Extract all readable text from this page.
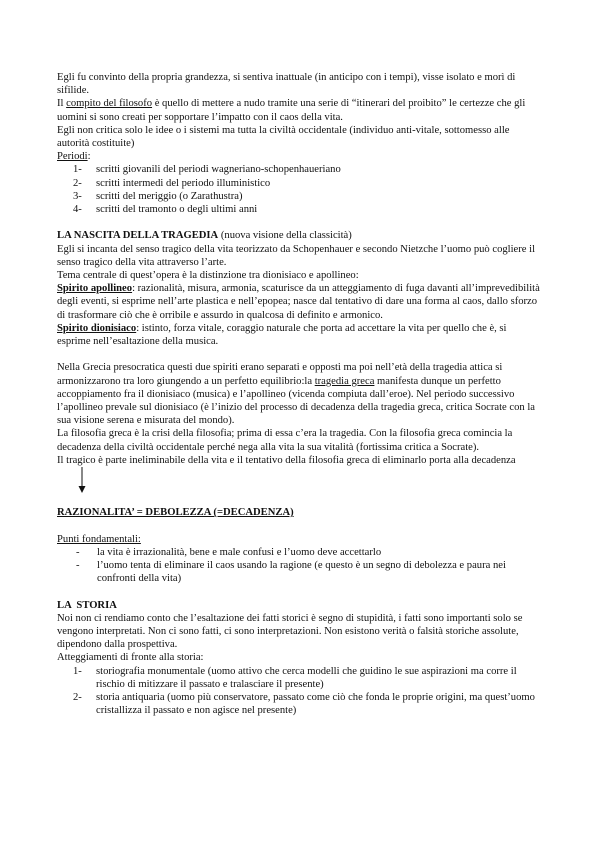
Egli fu convinto della propria grandezza, si sentiva inattuale (in anticipo con i tempi), visse isolato e morì di sifilide.

Il compito del filosofo è quello di mettere a nudo tramite una serie di “itinerari del proibito” le certezze che gli uomini si sono creati per sopportare l’impatto con il caos della vita.

Egli non critica solo le idee o i sistemi ma tutta la civiltà occidentale (individuo anti-vitale, sottomesso alle autorità costituite)

Periodi:

1-	scritti giovanili del periodi wagneriano-schopenhaueriano
2-	scritti intermedi del periodo illuministico
3-	scritti del meriggio (o Zarathustra)
4-	scritti del tramonto o degli ultimi anni

LA NASCITA DELLA TRAGEDIA (nuova visione della classicità)

Egli si incanta del senso tragico della vita teorizzato da Schopenhauer e secondo Nietzche l’uomo può cogliere il senso tragico della vita attraverso l’arte.

Tema centrale di quest’opera è la distinzione tra dionisiaco e apollineo:

Spirito apollineo: razionalità, misura, armonia, scaturisce da un atteggiamento di fuga davanti all’imprevedibilità degli eventi, si esprime nell’arte plastica e nell’epopea; nasce dal tentativo di dare una forma al caos, dallo sforzo di trasformare ciò che è orribile e assurdo in qualcosa di definito e armonico.

Spirito dionisiaco: istinto, forza vitale, coraggio naturale che porta ad accettare la vita per quello che è, si esprime nell’esaltazione della musica.

Nella Grecia presocratica questi due spiriti erano separati e opposti ma poi nell’età della tragedia attica si armonizzarono tra loro giungendo a un perfetto equilibrio:la tragedia greca manifesta dunque un perfetto accoppiamento fra il dionisiaco (musica) e l’apollineo (vicenda compiuta dall’eroe). Nel periodo successivo l’apollineo prevale sul dionisiaco (è l’inizio del processo di decadenza della tragedia greca, critica Socrate con la sua visione serena e misurata del mondo).

La filosofia greca è la crisi della filosofia; prima di essa c’era la tragedia. Con la filosofia greca comincia la decadenza della civiltà occidentale perché nega alla vita la sua vitalità (fortissima critica a Socrate).

Il tragico è parte ineliminabile della vita e il tentativo della filosofia greca di eliminarlo porta alla decadenza

RAZIONALITA’ = DEBOLEZZA (=DECADENZA)

Punti fondamentali:

-	la vita è irrazionalità, bene e male confusi e l’uomo deve accettarlo
-	l’uomo tenta di eliminare il caos usando la ragione (e questo è un segno di debolezza e paura nei confronti della vita)

LA  STORIA

Noi non ci rendiamo conto che l’esaltazione dei fatti storici è segno di stupidità, i fatti sono importanti solo se vengono interpretati. Non ci sono fatti, ci sono interpretazioni. Non esistono verità o falsità storiche assolute, dipendono dalla prospettiva.

Atteggiamenti di fronte alla storia:

1-	storiografia monumentale (uomo attivo che cerca modelli che guidino le sue aspirazioni ma corre il rischio di mitizzare il passato e tralasciare il presente)
2-	storia antiquaria (uomo più conservatore, passato come ciò che fonda le proprie origini, ma quest’uomo cristallizza il passato e non agisce nel presente)
